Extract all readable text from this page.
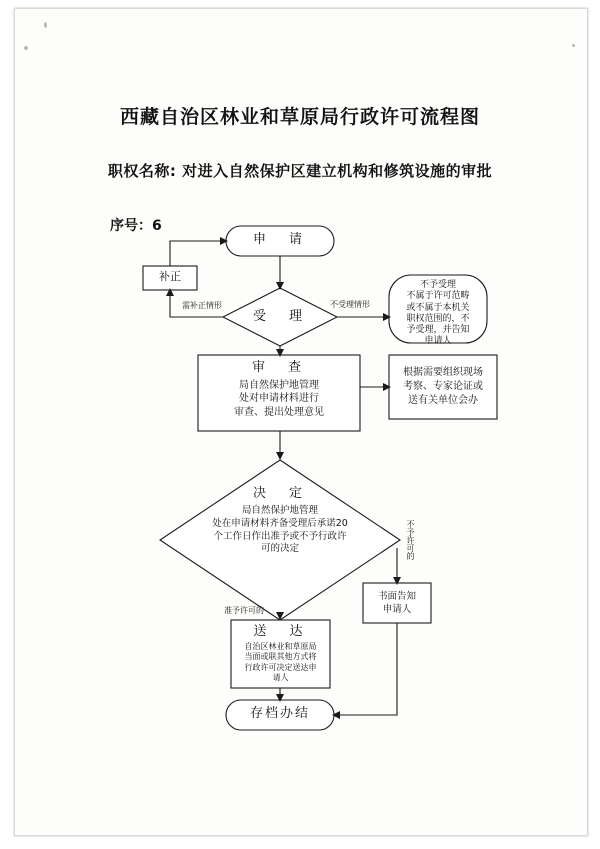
西藏自治区林业和草原局行政许可流程图
职权名称: 对进入自然保护区建立机构和修筑设施的审批
序号：6
申　请
补正
受　理
不予受理
不属于许可范畴
或不属于本机关
职权范围的，不
予受理，并告知
申请人
审　查
局自然保护地管理
处对申请材料进行
审查、提出处理意见
根据需要组织现场
考察、专家论证或
送有关单位会办
决　定
局自然保护地管理
处在申请材料齐备受理后承诺20
个工作日作出准予或不予行政许
可的决定
书面告知
申请人
送　达
自治区林业和草原局
当面或联其他方式将
行政许可决定送达申
请人
存档办结
需补正情形	不受理情形
准予许可的
不予许可的
